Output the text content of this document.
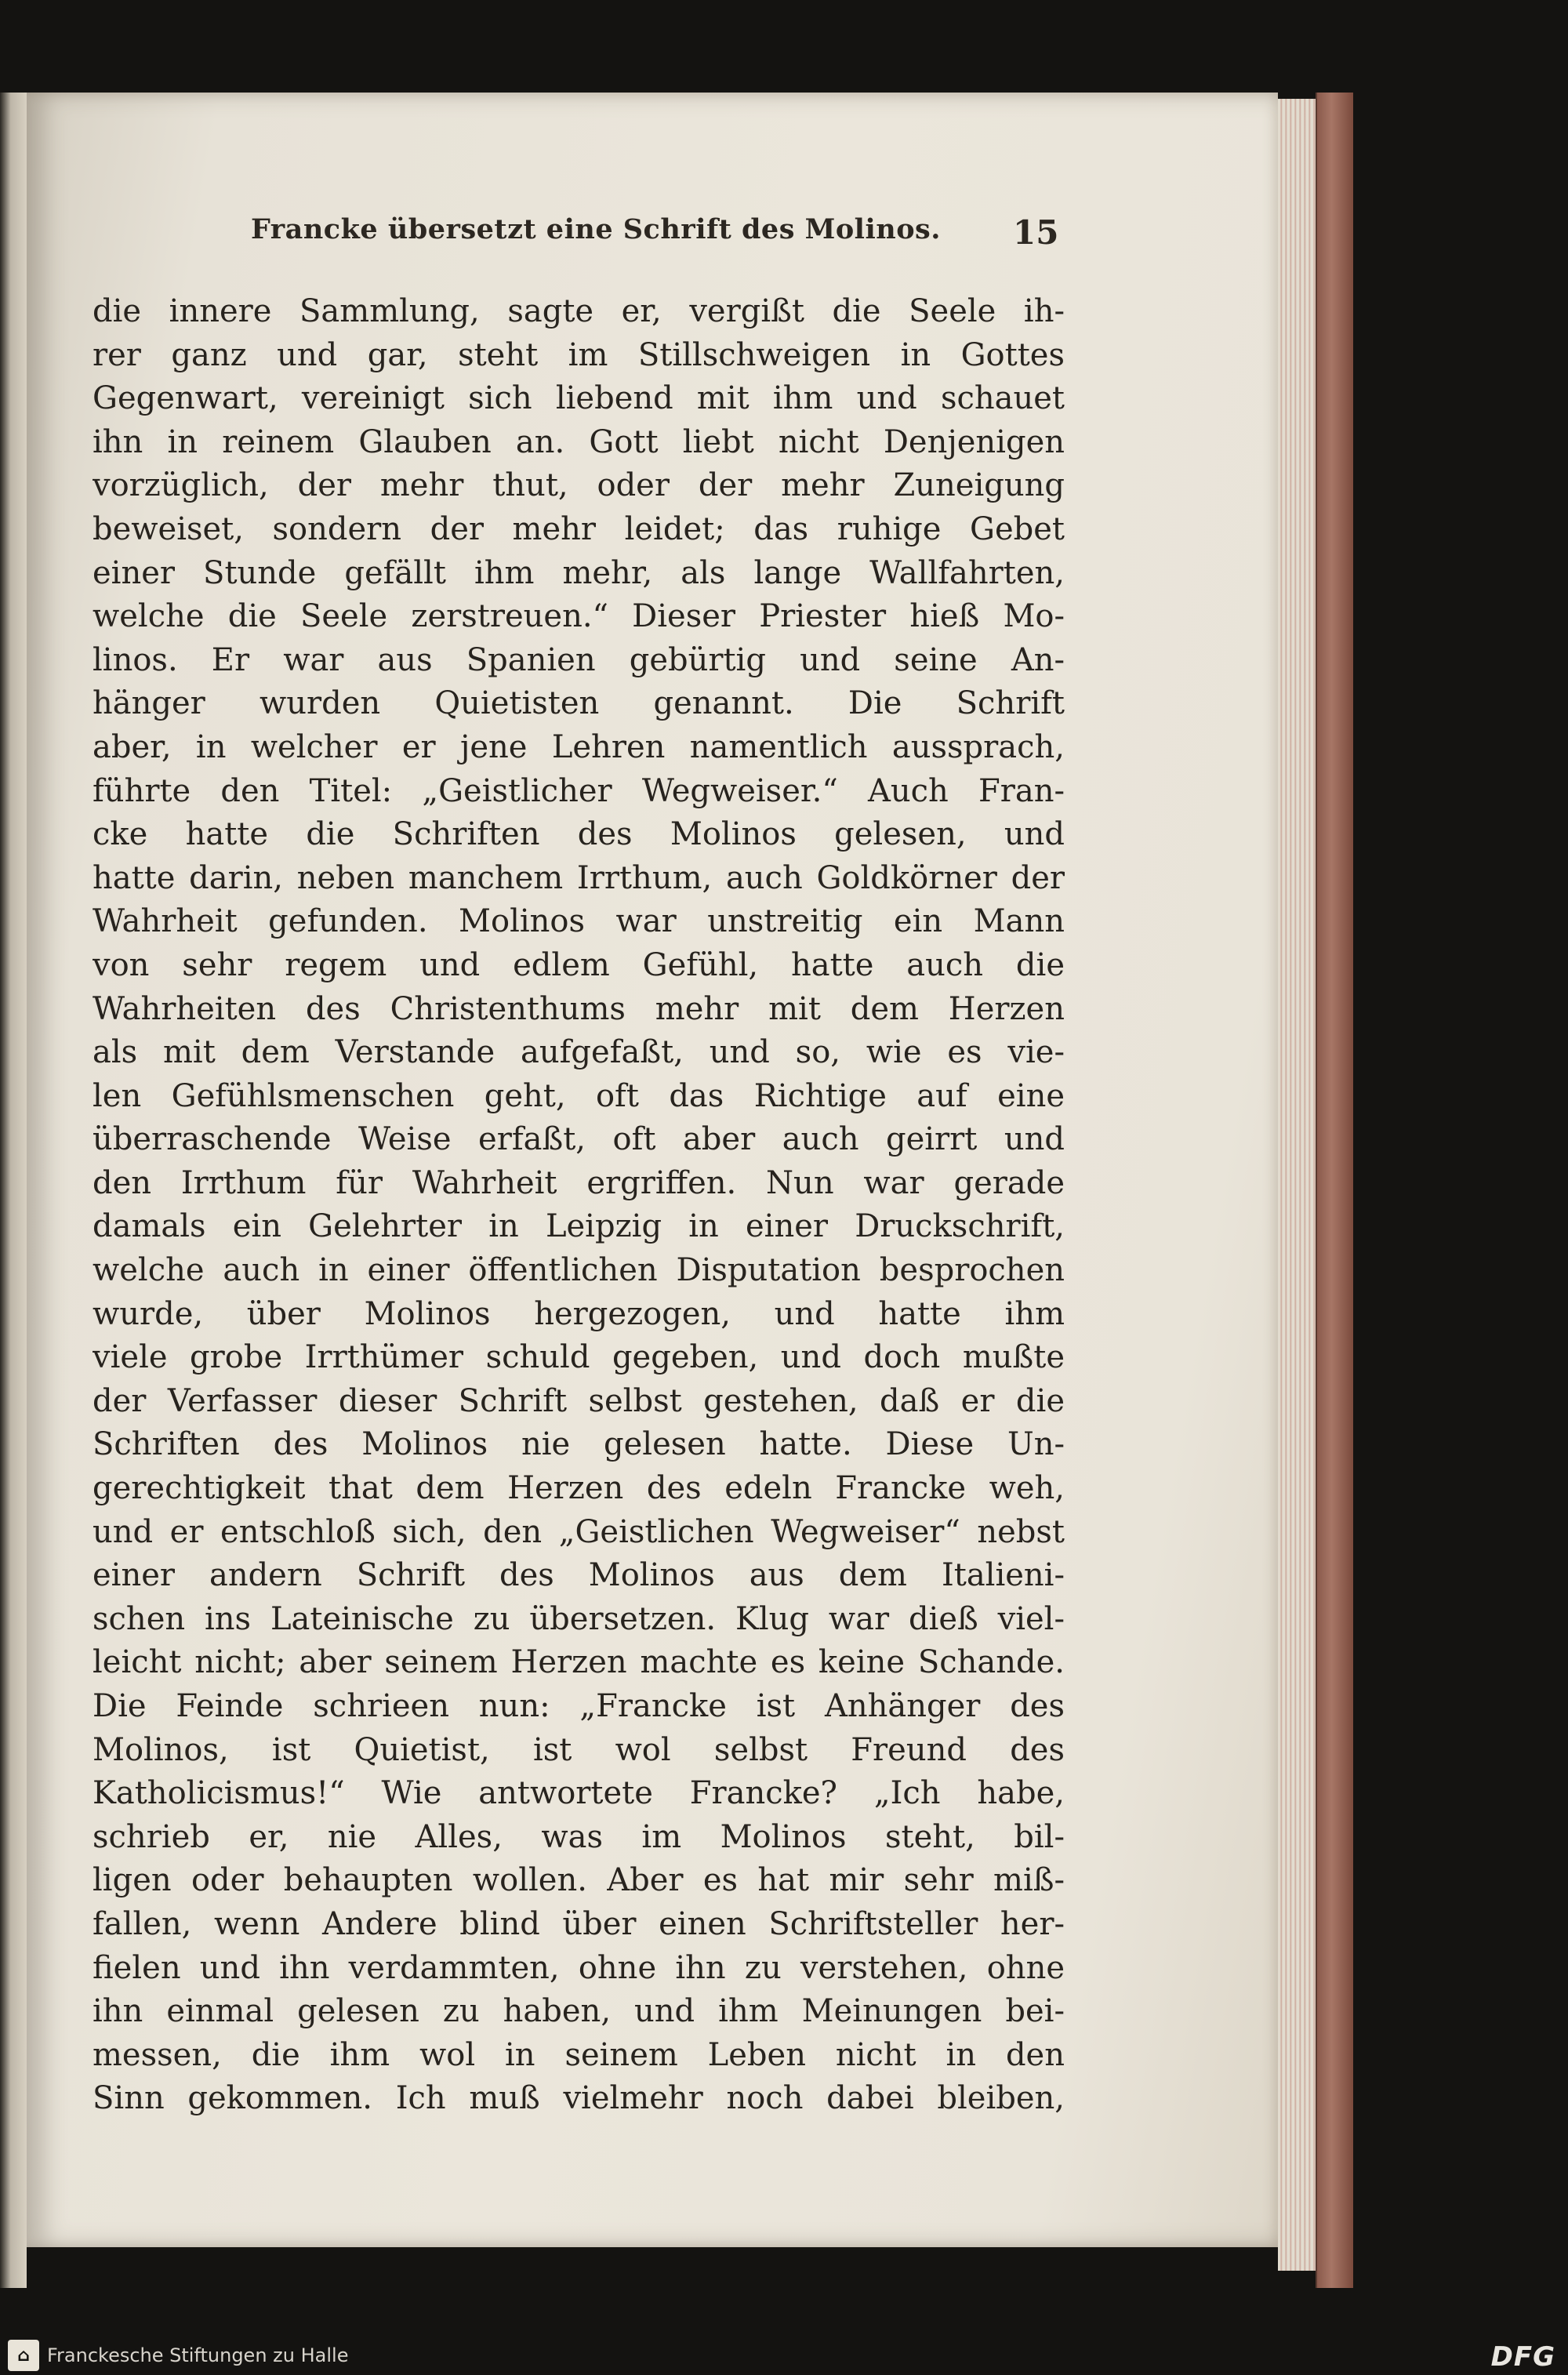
Francke übersetzt eine Schrift des Molinos. 15
die innere Sammlung, sagte er, vergißt die Seele ih-
rer ganz und gar, steht im Stillschweigen in Gottes
Gegenwart, vereinigt sich liebend mit ihm und schauet
ihn in reinem Glauben an. Gott liebt nicht Denjenigen
vorzüglich, der mehr thut, oder der mehr Zuneigung
beweiset, sondern der mehr leidet; das ruhige Gebet
einer Stunde gefällt ihm mehr, als lange Wallfahrten,
welche die Seele zerstreuen.“ Dieser Priester hieß Mo-
linos. Er war aus Spanien gebürtig und seine An-
hänger wurden Quietisten genannt. Die Schrift
aber, in welcher er jene Lehren namentlich aussprach,
führte den Titel: „Geistlicher Wegweiser.“ Auch Fran-
cke hatte die Schriften des Molinos gelesen, und
hatte darin, neben manchem Irrthum, auch Goldkörner der
Wahrheit gefunden. Molinos war unstreitig ein Mann
von sehr regem und edlem Gefühl, hatte auch die
Wahrheiten des Christenthums mehr mit dem Herzen
als mit dem Verstande aufgefaßt, und so, wie es vie-
len Gefühlsmenschen geht, oft das Richtige auf eine
überraschende Weise erfaßt, oft aber auch geirrt und
den Irrthum für Wahrheit ergriffen. Nun war gerade
damals ein Gelehrter in Leipzig in einer Druckschrift,
welche auch in einer öffentlichen Disputation besprochen
wurde, über Molinos hergezogen, und hatte ihm
viele grobe Irrthümer schuld gegeben, und doch mußte
der Verfasser dieser Schrift selbst gestehen, daß er die
Schriften des Molinos nie gelesen hatte. Diese Un-
gerechtigkeit that dem Herzen des edeln Francke weh,
und er entschloß sich, den „Geistlichen Wegweiser“ nebst
einer andern Schrift des Molinos aus dem Italieni-
schen ins Lateinische zu übersetzen. Klug war dieß viel-
leicht nicht; aber seinem Herzen machte es keine Schande.
Die Feinde schrieen nun: „Francke ist Anhänger des
Molinos, ist Quietist, ist wol selbst Freund des
Katholicismus!“ Wie antwortete Francke? „Ich habe,
schrieb er, nie Alles, was im Molinos steht, bil-
ligen oder behaupten wollen. Aber es hat mir sehr miß-
fallen, wenn Andere blind über einen Schriftsteller her-
fielen und ihn verdammten, ohne ihn zu verstehen, ohne
ihn einmal gelesen zu haben, und ihm Meinungen bei-
messen, die ihm wol in seinem Leben nicht in den
Sinn gekommen. Ich muß vielmehr noch dabei bleiben,
⌂ Franckesche Stiftungen zu Halle	DFG
